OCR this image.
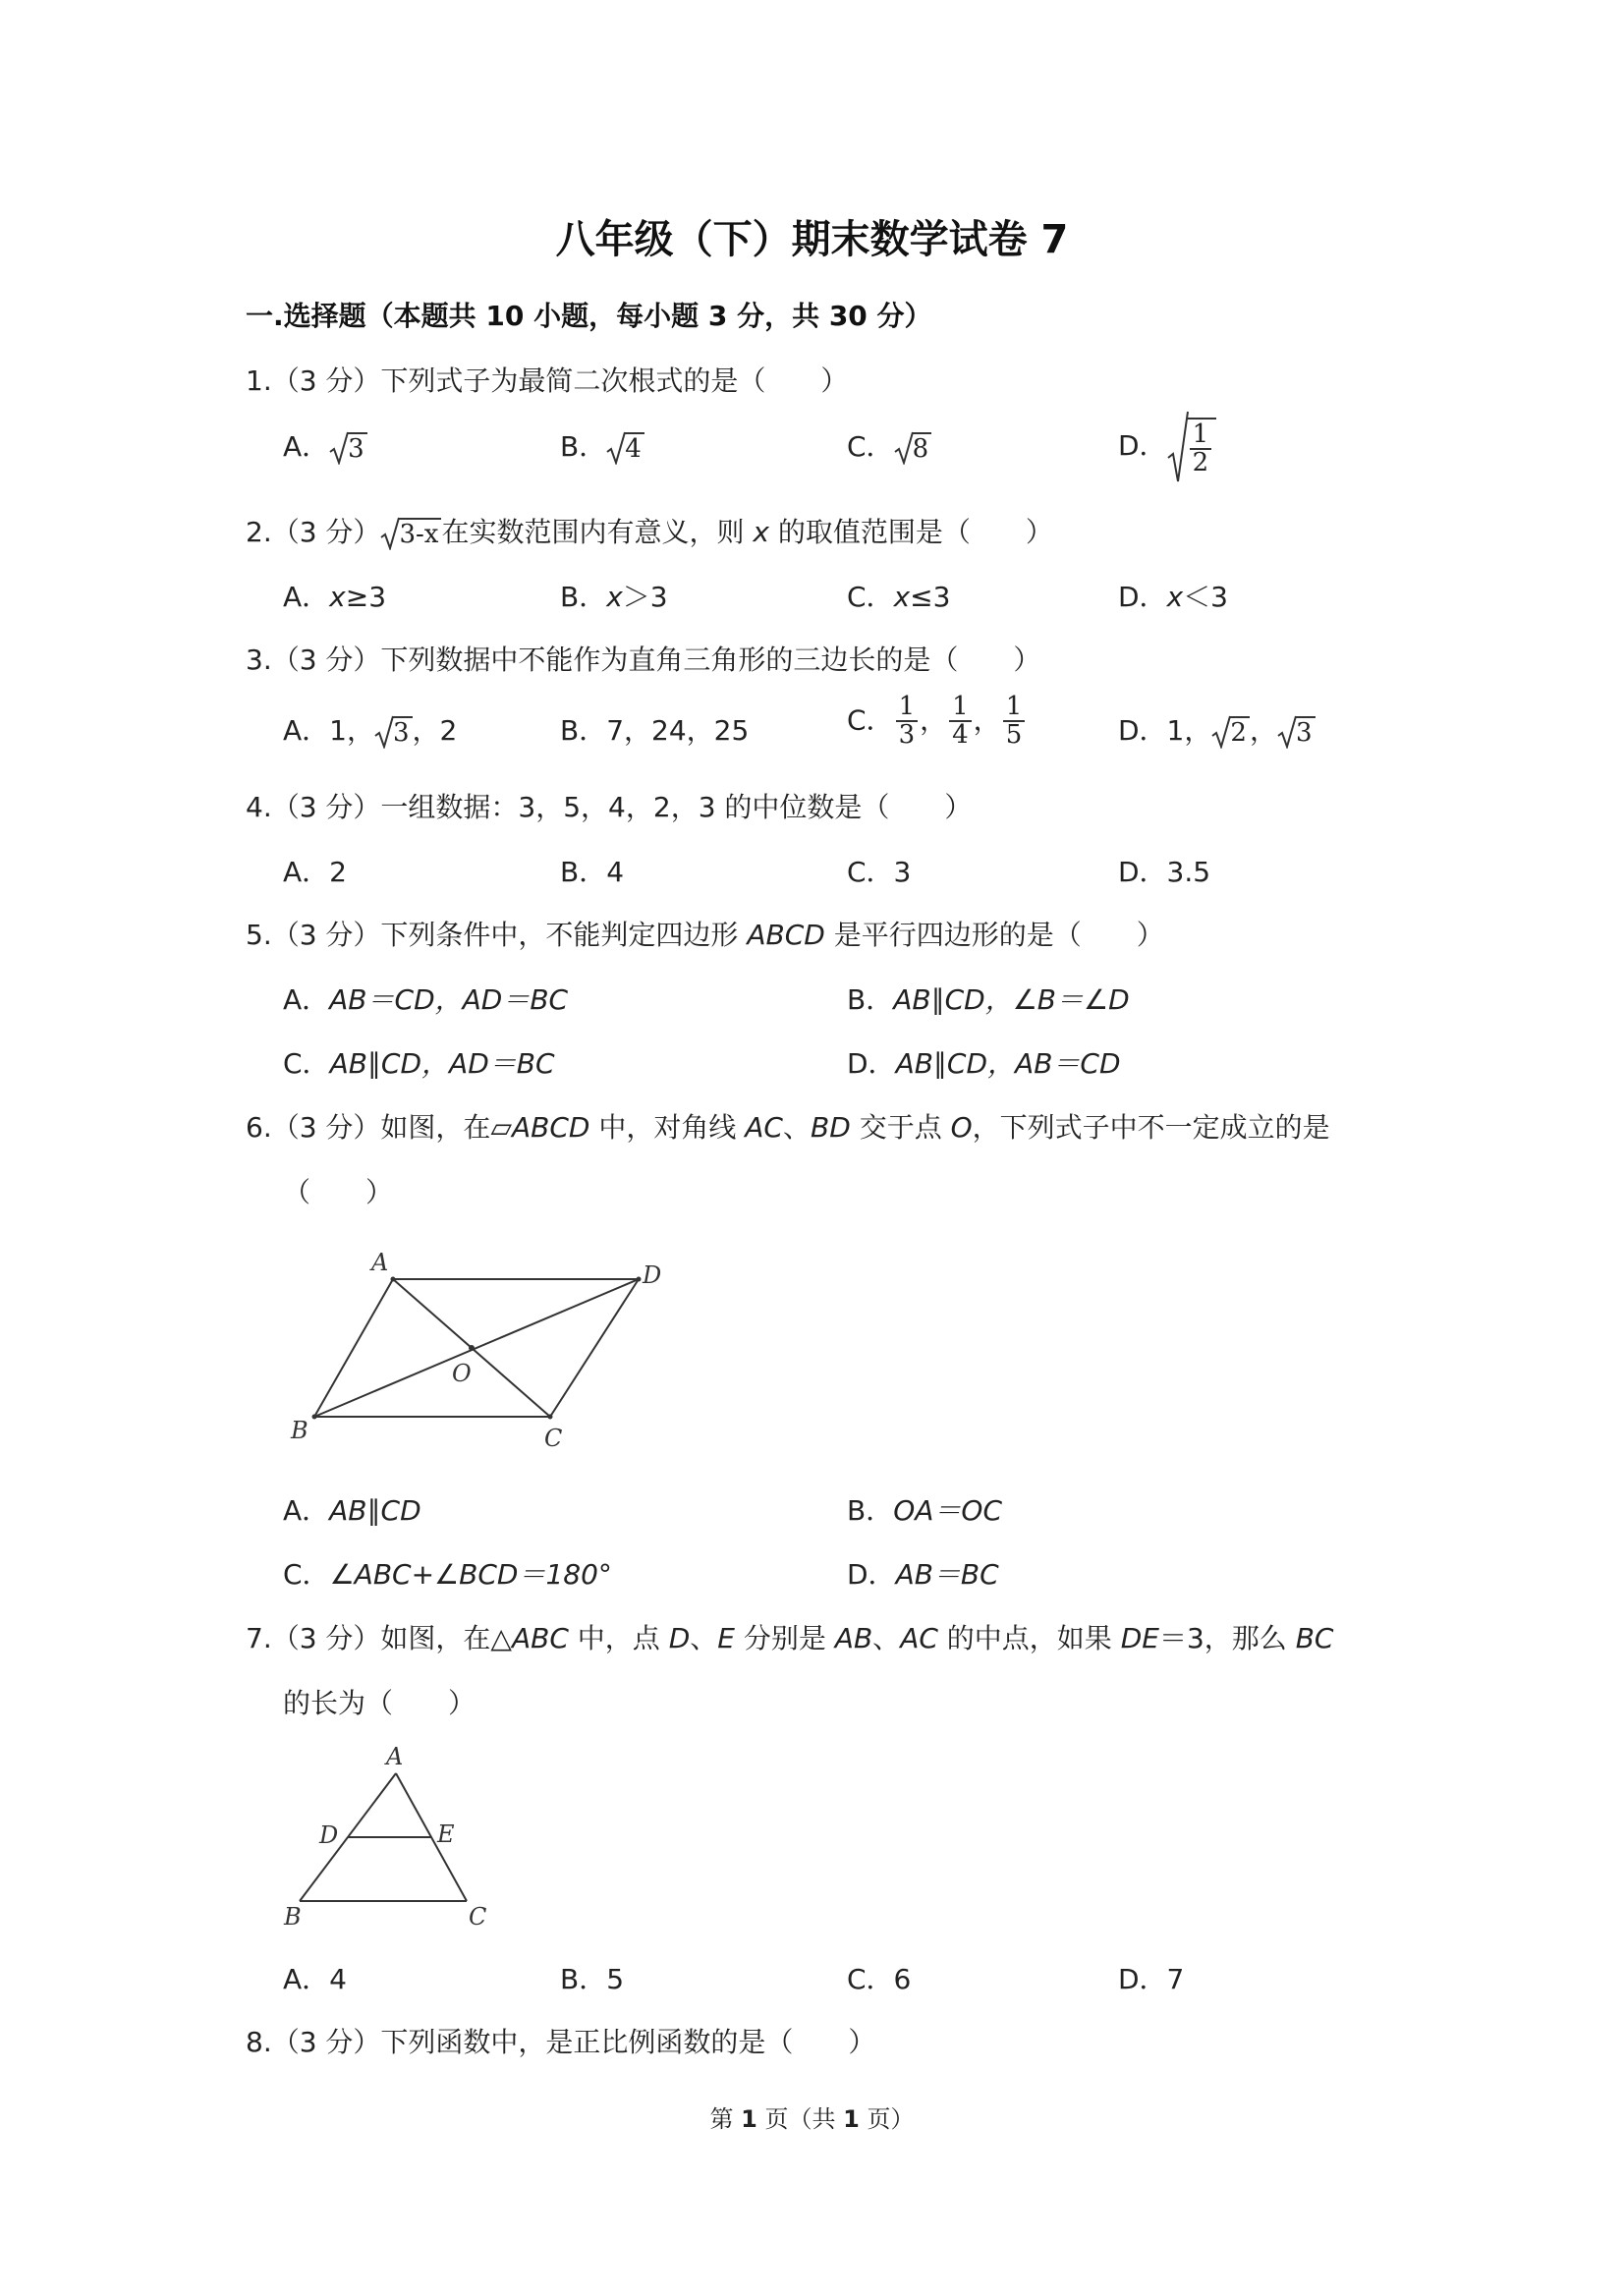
八年级（下）期末数学试卷 7
一.选择题（本题共 10 小题，每小题 3 分，共 30 分）
1.（3 分）下列式子为最简二次根式的是（　　）
A． 3	B． 4	C． 8	D． $\frac{1}{2}$
2.（3 分） 3-x 在实数范围内有意义，则 x 的取值范围是（　　）
A．x≥3	B．x＞3	C．x≤3	D．x＜3
3.（3 分）下列数据中不能作为直角三角形的三边长的是（　　）
A．1， 3 ，2	B．7，24，25	C． $\frac{1}{3}$ ， $\frac{1}{4}$ ， $\frac{1}{5}$	D．1， 2 ， 3
4.（3 分）一组数据：3，5，4，2，3 的中位数是（　　）
A．2	B．4	C．3	D．3.5
5.（3 分）下列条件中，不能判定四边形 ABCD 是平行四边形的是（　　）
A．AB＝CD，AD＝BC	B．AB∥CD，∠B＝∠D
C．AB∥CD，AD＝BC	D．AB∥CD，AB＝CD
6.（3 分）如图，在▱ABCD 中，对角线 AC、BD 交于点 O，下列式子中不一定成立的是
（　　）
A	D
C
B
O
A．AB∥CD	B．OA＝OC
C．∠ABC+∠BCD＝180°	D．AB＝BC
7.（3 分）如图，在△ABC 中，点 D、E 分别是 AB、AC 的中点，如果 DE＝3，那么 BC
的长为（　　）
A
D	E
B	C
A．4	B．5	C．6	D．7
8.（3 分）下列函数中，是正比例函数的是（　　）
第 1 页（共 1 页）
